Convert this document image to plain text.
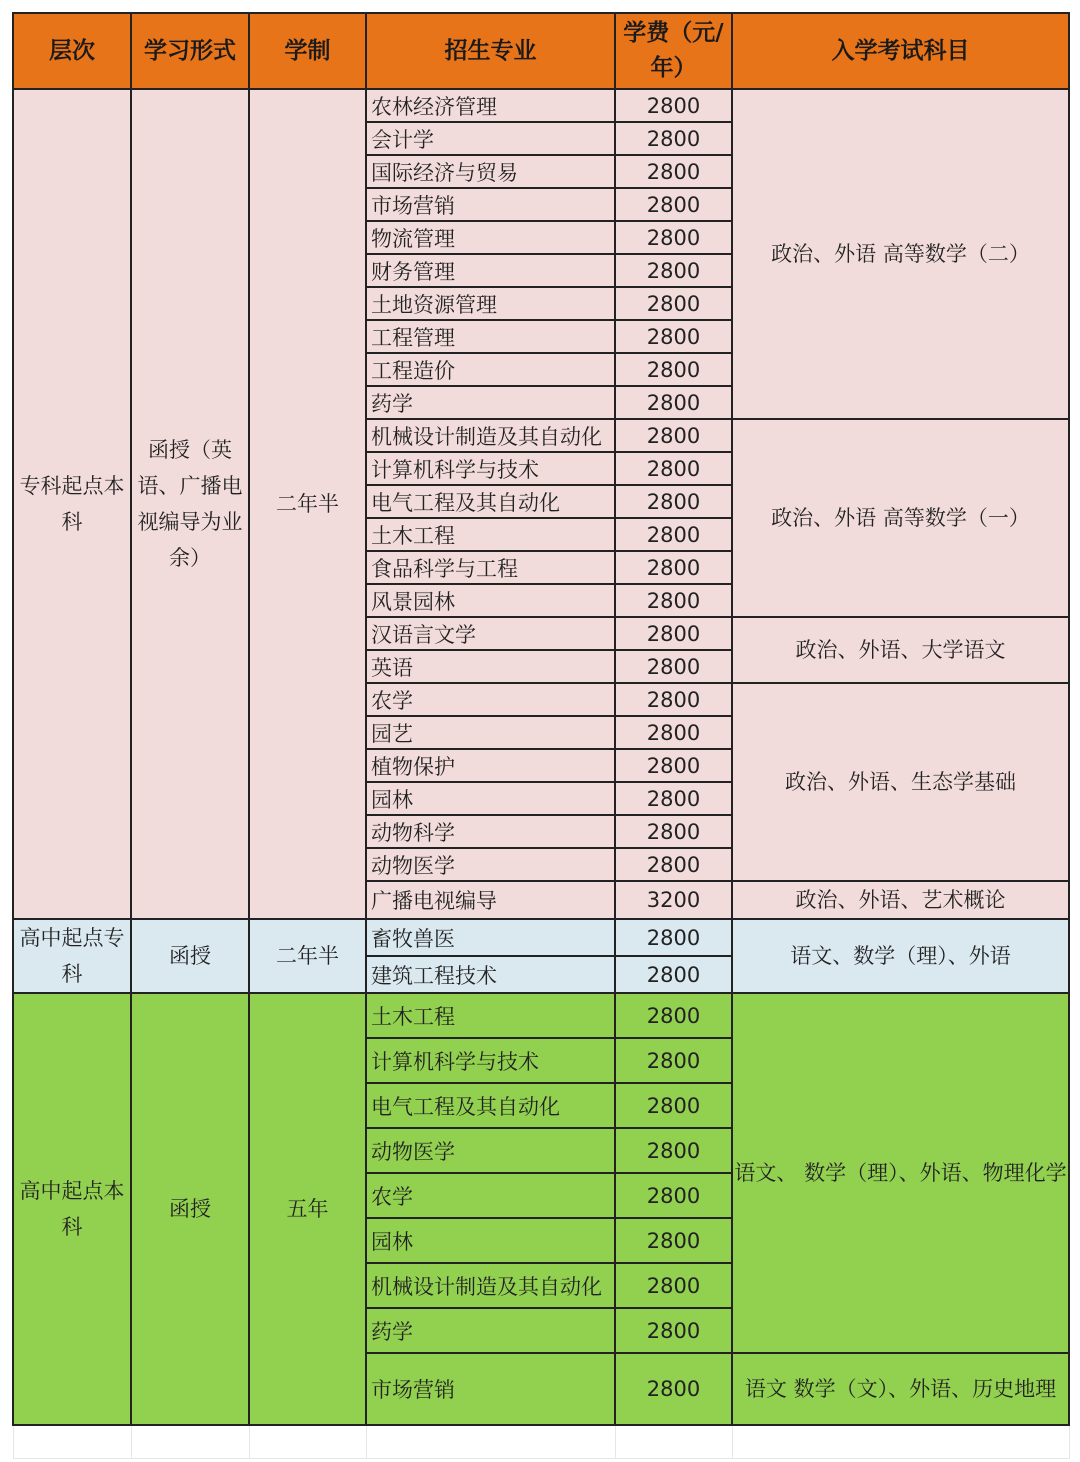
层次	学习形式	学制	招生专业	学费（元/年）	入学考试科目
专科起点本科	函授（英语、广播电视编导为业余）	二年半	农林经济管理	2800	政治、外语 高等数学（二）
			会计学	2800	
			国际经济与贸易	2800	
			市场营销	2800	
			物流管理	2800	
			财务管理	2800	
			土地资源管理	2800	
			工程管理	2800	
			工程造价	2800	
			药学	2800	
			机械设计制造及其自动化	2800	政治、外语 高等数学（一）
			计算机科学与技术	2800	
			电气工程及其自动化	2800	
			土木工程	2800	
			食品科学与工程	2800	
			风景园林	2800	
			汉语言文学	2800	政治、外语、大学语文
			英语	2800	
			农学	2800	政治、外语、生态学基础
			园艺	2800	
			植物保护	2800	
			园林	2800	
			动物科学	2800	
			动物医学	2800	
			广播电视编导	3200	政治、外语、艺术概论
高中起点专科	函授	二年半	畜牧兽医	2800	语文、数学（理）、外语
			建筑工程技术	2800	
高中起点本科	函授	五年	土木工程	2800	语文、 数学（理）、外语、物理化学
			计算机科学与技术	2800	
			电气工程及其自动化	2800	
			动物医学	2800	
			农学	2800	
			园林	2800	
			机械设计制造及其自动化	2800	
			药学	2800	
			市场营销	2800	语文 数学（文）、外语、历史地理
